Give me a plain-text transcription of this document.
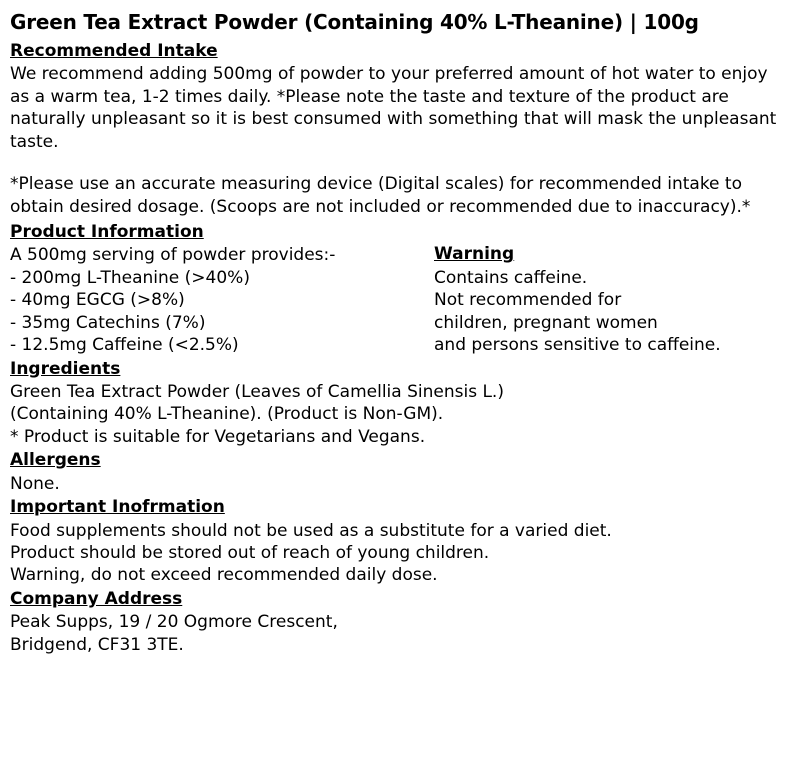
Green Tea Extract Powder (Containing 40% L-Theanine) | 100g
Recommended Intake
We recommend adding 500mg of powder to your preferred amount of hot water to enjoy as a warm tea, 1-2 times daily. *Please note the taste and texture of the product are naturally unpleasant so it is best consumed with something that will mask the unpleasant taste.
*Please use an accurate measuring device (Digital scales) for recommended intake to obtain desired dosage. (Scoops are not included or recommended due to inaccuracy).*
Product Information
A 500mg serving of powder provides:-
- 200mg L-Theanine (>40%)
- 40mg EGCG (>8%)
- 35mg Catechins (7%)
- 12.5mg Caffeine (<2.5%)
Warning
Contains caffeine.
Not recommended for
children, pregnant women
and persons sensitive to caffeine.
Ingredients
Green Tea Extract Powder (Leaves of Camellia Sinensis L.)
(Containing 40% L-Theanine). (Product is Non-GM).
* Product is suitable for Vegetarians and Vegans.
Allergens
None.
Important Inofrmation
Food supplements should not be used as a substitute for a varied diet.
Product should be stored out of reach of young children.
Warning, do not exceed recommended daily dose.
Company Address
Peak Supps, 19 / 20 Ogmore Crescent,
Bridgend, CF31 3TE.
